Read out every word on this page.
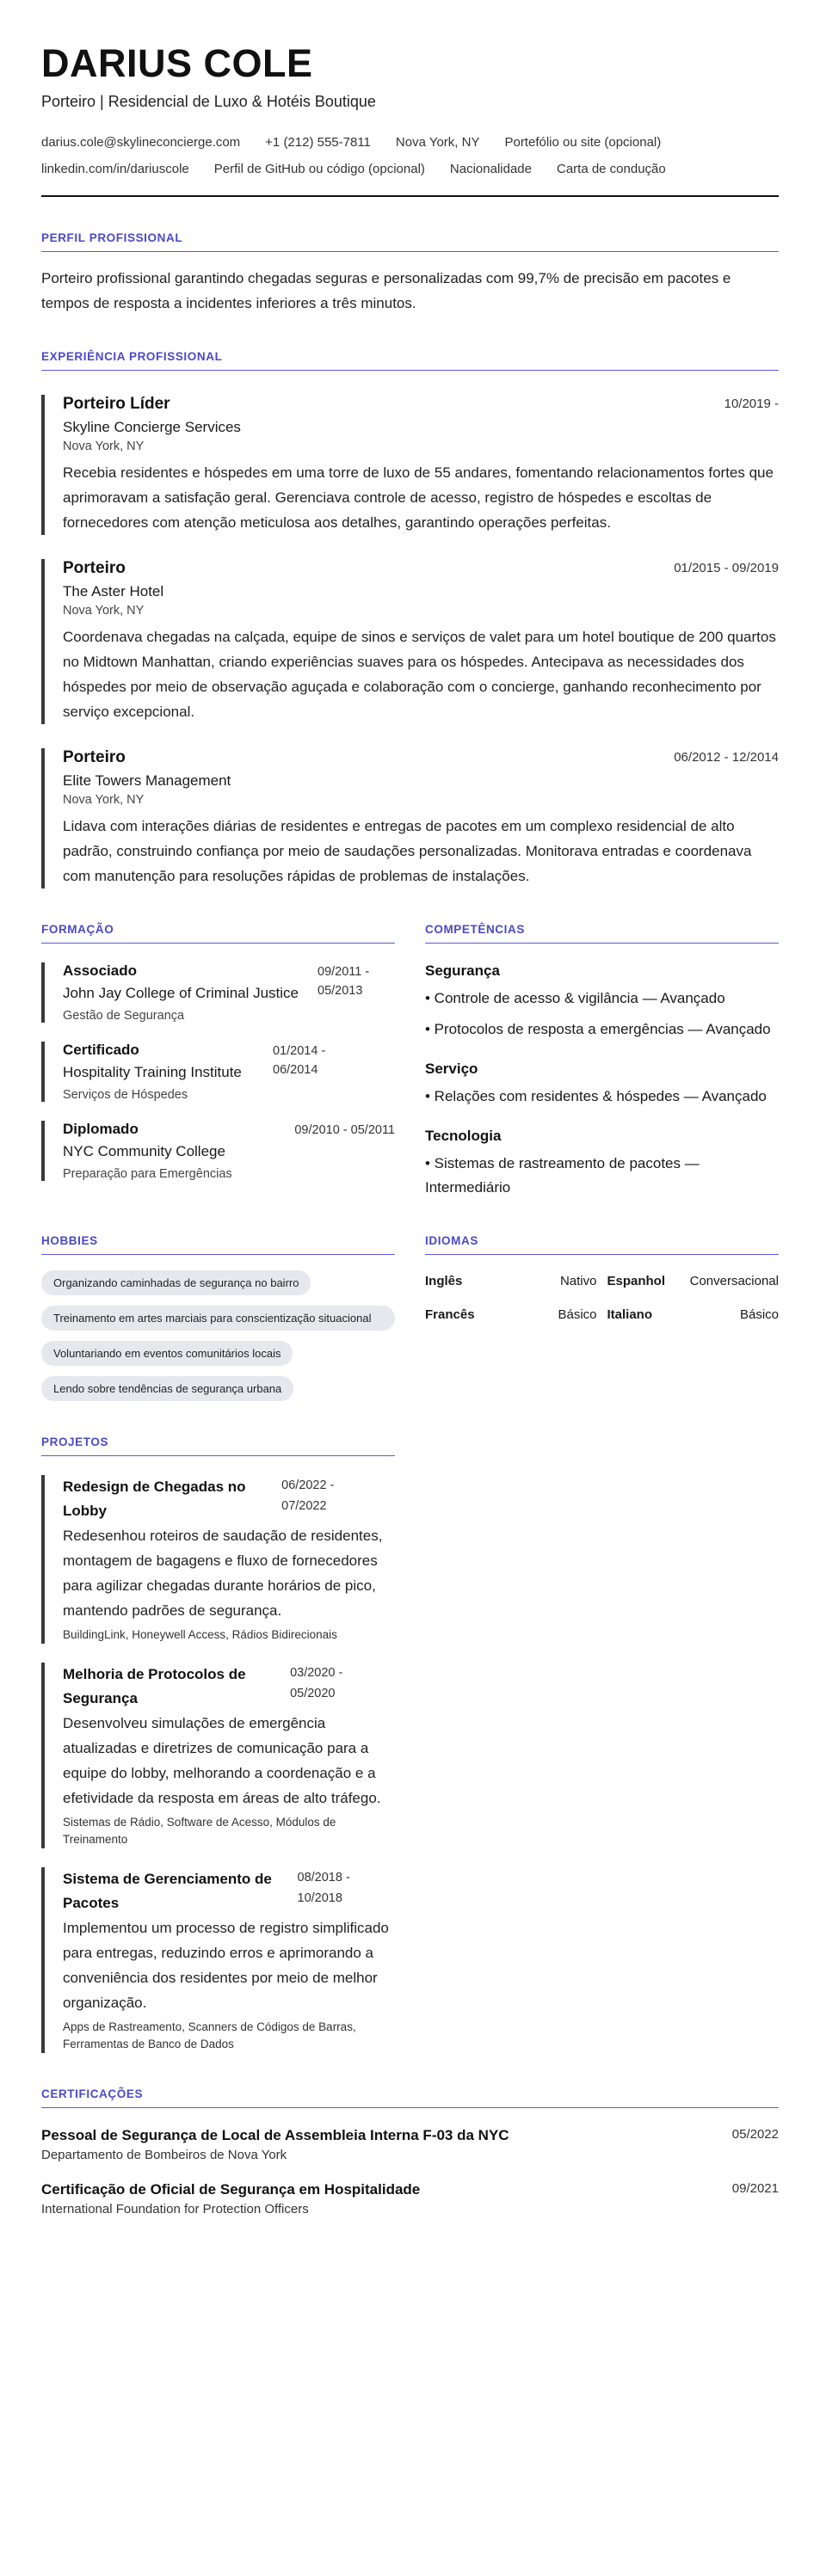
DARIUS COLE
Porteiro | Residencial de Luxo & Hotéis Boutique
darius.cole@skylineconcierge.com +1 (212) 555-7811 Nova York, NY Portefólio ou site (opcional)
linkedin.com/in/dariuscole Perfil de GitHub ou código (opcional) Nacionalidade Carta de condução
PERFIL PROFISSIONAL
Porteiro profissional garantindo chegadas seguras e personalizadas com 99,7% de precisão em pacotes e tempos de resposta a incidentes inferiores a três minutos.
EXPERIÊNCIA PROFISSIONAL
Porteiro Líder	10/2019 -
Skyline Concierge Services
Nova York, NY
Recebia residentes e hóspedes em uma torre de luxo de 55 andares, fomentando relacionamentos fortes que aprimoravam a satisfação geral. Gerenciava controle de acesso, registro de hóspedes e escoltas de fornecedores com atenção meticulosa aos detalhes, garantindo operações perfeitas.
Porteiro	01/2015 - 09/2019
The Aster Hotel
Nova York, NY
Coordenava chegadas na calçada, equipe de sinos e serviços de valet para um hotel boutique de 200 quartos no Midtown Manhattan, criando experiências suaves para os hóspedes. Antecipava as necessidades dos hóspedes por meio de observação aguçada e colaboração com o concierge, ganhando reconhecimento por serviço excepcional.
Porteiro	06/2012 - 12/2014
Elite Towers Management
Nova York, NY
Lidava com interações diárias de residentes e entregas de pacotes em um complexo residencial de alto padrão, construindo confiança por meio de saudações personalizadas. Monitorava entradas e coordenava com manutenção para resoluções rápidas de problemas de instalações.
FORMAÇÃO
Associado
John Jay College of Criminal Justice
09/2011 - 05/2013
Gestão de Segurança
Certificado
Hospitality Training Institute
01/2014 - 06/2014
Serviços de Hóspedes
Diplomado
NYC Community College
09/2010 - 05/2011
Preparação para Emergências
COMPETÊNCIAS
Segurança
• Controle de acesso & vigilância — Avançado
• Protocolos de resposta a emergências — Avançado
Serviço
• Relações com residentes & hóspedes — Avançado
Tecnologia
• Sistemas de rastreamento de pacotes — Intermediário
HOBBIES
Organizando caminhadas de segurança no bairro
Treinamento em artes marciais para conscientização situacional
Voluntariando em eventos comunitários locais
Lendo sobre tendências de segurança urbana
IDIOMAS
Inglês	Nativo Espanhol Conversacional
Francês	Básico Italiano	Básico
PROJETOS
Redesign de Chegadas no Lobby
06/2022 - 07/2022
Redesenhou roteiros de saudação de residentes, montagem de bagagens e fluxo de fornecedores para agilizar chegadas durante horários de pico, mantendo padrões de segurança.
BuildingLink, Honeywell Access, Rádios Bidirecionais
Melhoria de Protocolos de Segurança
03/2020 - 05/2020
Desenvolveu simulações de emergência atualizadas e diretrizes de comunicação para a equipe do lobby, melhorando a coordenação e a efetividade da resposta em áreas de alto tráfego.
Sistemas de Rádio, Software de Acesso, Módulos de Treinamento
Sistema de Gerenciamento de Pacotes
08/2018 - 10/2018
Implementou um processo de registro simplificado para entregas, reduzindo erros e aprimorando a conveniência dos residentes por meio de melhor organização.
Apps de Rastreamento, Scanners de Códigos de Barras, Ferramentas de Banco de Dados
CERTIFICAÇÕES
Pessoal de Segurança de Local de Assembleia Interna F-03 da NYC	05/2022
Departamento de Bombeiros de Nova York
Certificação de Oficial de Segurança em Hospitalidade	09/2021
International Foundation for Protection Officers
